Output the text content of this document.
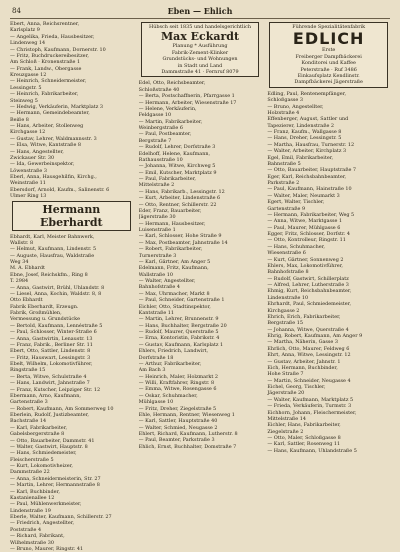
84	Eben — Ehlich
Ebert, Anna, Reichsrentner,
Karlsplatz 9
— Angelika, Frieda, Hausbesitzer,
Lindenweg 14
— Christoph, Kaufmann, Dornerstr. 10
— Fritz, Buchdruckereibesitzer,
Am Schloß · Kronenstraße 1
— Frank, Landw., Obergasse
Kreuzgasse 12
— Heinrich, Schneidermeister,
Lessingstr. 5
— Heinrich, Fabrikarbeiter,
Steinweg 5
— Hedwig, Verkäuferin, Marktplatz 3
— Hermann, Gemeindebeamter,
Beiße 8
— Hans, Arbeiter, Stollenweg
Kirchgasse 12
— Gustav, Lehrer, Waldmannsstr. 3
— Elsa, Witwe, Kantstraße 8
— Hans, Angestellter,
Zwickauer Str. 30
— Ida, Gewerbeinspektor,
Löwenstraße 3
Eberl, Anna, Hausgehilfin, Kirchg.,
Weinstraße 11
Ebersdorf, Arnold, Kaufm., Salinenstr. 6
Ulmer Ring 13
Hermann Eberhardt
Ebhardt, Karl, Meister Bahnwerk,
Wallstr. 8
— Helmut, Kaufmann, Lindenstr. 5
— Auguste, Hausfrau, Waldstraße
Weg 34
M. A. Ebhardt
Ebne, Josef, Reichskfm., Ring 8
T. 2984
— Anna, Gastwirt, Brühl, Uhlandstr. 8
— Liesel, Anna, Kochin, Waldstr. 8, 8
Otto Ebhardt
Fabrik Eberhardt, Erzeugn.
Fabrik, Großmühlen,
Vermessung u. Grundstücke
— Bertold, Kaufmann, Lennéstraße 5
— Paul, Schlosser, Winter-Straße 6
— Anna, Gastwirtin, Lenaustr. 13
— Franz, Fabrik., Berliner Str. 11
Ebert, Otto, Sattler, Lindenstr. 8
— Fritz, Hauswart, Lessingstr. 3
Ebelt, Wilhelm, Lokomotivführer,
Ringstraße 15
— Berta, Witwe, Schulstraße 4
— Hans, Landwirt, Jahnstraße 7
— Franz, Kutscher, Leipziger Str. 12
Ebermann, Arno, Kaufmann,
Gartenstraße 3
— Robert, Kaufmann, Am Sommerweg 10
Eberlein, Rudolf, Justizbeamter,
Bachstraße 14
— Karl, Fabrikarbeiter,
Gabelsbergerstraße 8
— Otto, Bauarbeiter, Dammstr. 41
— Walter, Gastwirt, Hauptstr. 8
— Hans, Schmiedemeister,
Fleischerstraße 5
— Kurt, Lokomotivheizer,
Dammstraße 22
— Anna, Schneidermeisterin, Str. 27
— Martin, Lehrer, Hermannstraße 8
— Karl, Buchbinder,
Kastanienallee 12
— Paul, Mühlenwerkmeister,
Lindenstraße 19
Eberle, Walter, Kaufmann, Schillerstr. 27
— Friedrich, Angestellter,
Poststraße 4
— Richard, Fabrikant,
Wilhelmstraße 30
— Bruno, Maurer, Ringstr. 41
Hübsch seit 1835 und handelsgerichtlich
Max Eckardt
Planung * Ausführung
Fabrik-Zement-Klinker
Grundstücks- und Wohnungen
in Stadt und Land
Dammstraße 41 · Fernruf 8079
Edel, Otto, Reichsbeamter,
Schloßstraße 40
— Berta, Postschaffnerin, Pfarrgasse 1
— Hermann, Arbeiter, Wiesenstraße 17
— Helene, Verkäuferin,
Feldgasse 10
— Martin, Fabrikarbeiter,
Weinbergstraße 6
— Paul, Postbeamter,
Bergstraße 7
— Rudolf, Lehrer, Dorfstraße 3
Edelhoff, Helene, Kaufmann,
Rathausstraße 10
— Johanna, Witwe, Kirchweg 5
— Emil, Kutscher, Marktplatz 9
— Paul, Fabrikarbeiter,
Mittelstraße 2
— Hans, Fabrikarb., Lessingstr. 12
— Kurt, Arbeiter, Lindenstraße 6
— Otto, Rentner, Schillerstr. 22
Eder, Franz, Bauarbeiter,
Jägerstraße 30
— Hermann, Hausbesitzer,
Luisenstraße 1
— Karl, Schlosser, Hohe Straße 9
— Max, Postbeamter, Jahnstraße 14
— Robert, Fabrikarbeiter,
Turnerstraße 3
— Karl, Gärtner, Am Anger 5
Edelmann, Fritz, Kaufmann,
Wallstraße 10
— Walter, Angestellter,
Bahnhofstraße 4
— Max, Uhrmacher, Markt 8
— Paul, Schneider, Gartenstraße 1
Eichler, Otto, Stadtinspektor,
Kantstraße 11
— Martin, Lehrer, Brunnenstr. 9
— Hans, Buchhalter, Bergstraße 20
— Rudolf, Maurer, Querstraße 5
— Erna, Kontoristin, Fabrikstr. 4
— Gustav, Kaufmann, Karlsplatz 1
Ehlers, Friedrich, Landwirt,
Dorfstraße 18
— Arthur, Fabrikarbeiter,
Am Bach 3
— Heinrich, Maler, Holzmarkt 2
— Willi, Kraftfahrer, Ringstr. 8
— Emma, Witwe, Rosengasse 6
— Oskar, Schuhmacher,
Mühlgasse 10
— Fritz, Dreher, Ziegelstraße 5
Ehle, Hermann, Rentner, Wiesenweg 1
— Karl, Sattler, Hauptstraße 40
— Walter, Schmied, Neugasse 2
Ehlert, Richard, Kaufmann, Lutherstr. 8
— Paul, Beamter, Parkstraße 3
Ehlich, Ernst, Buchhalter, Domstraße 7
Führende Spezialitätenfabrik
EDLICH
Erste
Freiberger Dampfbäckerei
Konditorei und Kaffee
Peterstraße · Ruf 3486
Einkaufsplatz Kendlinstr.
Dampfbäckerei Jägerstraße
Edling, Paul, Rentenempfänger,
Schloßgasse 3
— Bruno, Angestellter,
Holzstraße 4
Effenberger, August, Sattler und
Tapezierer, Lindenstraße 2
— Franz, Kaufm., Wallgasse 8
— Hans, Dreher, Lessingstr. 5
— Martha, Hausfrau, Turnerstr. 12
— Walter, Arbeiter, Kirchplatz 3
Egel, Emil, Fabrikarbeiter,
Bahnstraße 5
— Otto, Bauarbeiter, Hauptstraße 7
Eger, Karl, Reichsbahnbeamter,
Parkstraße 2
— Paul, Kaufmann, Hainstraße 10
— Walter, Maler, Neumarkt 3
Egert, Walter, Tischler,
Gartenstraße 9
— Hermann, Fabrikarbeiter, Weg 5
— Anna, Witwe, Marktgasse 1
— Paul, Maurer, Mühlgasse 6
Egger, Fritz, Schlosser, Dorfstr. 4
— Otto, Kontrolleur, Ringstr. 11
— Hans, Schuhmacher,
Wiesenstraße 6
— Kurt, Gärtner, Sonnenweg 2
Ehlers, Max, Lokomotivführer,
Bahnhofstraße 8
— Rudolf, Gastwirt, Schillerplatz
— Alfred, Lehrer, Lutherstraße 3
Ehmig, Kurt, Reichsbahnbeamter,
Lindenstraße 10
Ehrhardt, Paul, Schmiedemeister,
Kirchgasse 2
Ehrich, Erich, Fabrikarbeiter,
Bergstraße 15
— Johanna, Witwe, Querstraße 4
Ehrig, Robert, Kaufmann, Am Anger 9
— Martha, Näherin, Gasse 3
Ehrlich, Otto, Maurer, Feldweg 6
Ehrt, Anna, Witwe, Lessingstr. 12
— Gustav, Arbeiter, Jahnstr. 1
Eich, Hermann, Buchbinder,
Hohe Straße 7
— Martin, Schneider, Neugasse 4
Eichel, Georg, Tischler,
Jägerstraße 20
— Walter, Kaufmann, Marktplatz 5
— Frieda, Verkäuferin, Turmstr. 3
Eichhorn, Johann, Fleischermeister,
Mittelstraße 14
Eichler, Hans, Fabrikarbeiter,
Ziegelstraße 2
— Otto, Maler, Schloßgasse 8
— Karl, Sattler, Rosenweg 11
— Hans, Kaufmann, Uhlandstraße 5
